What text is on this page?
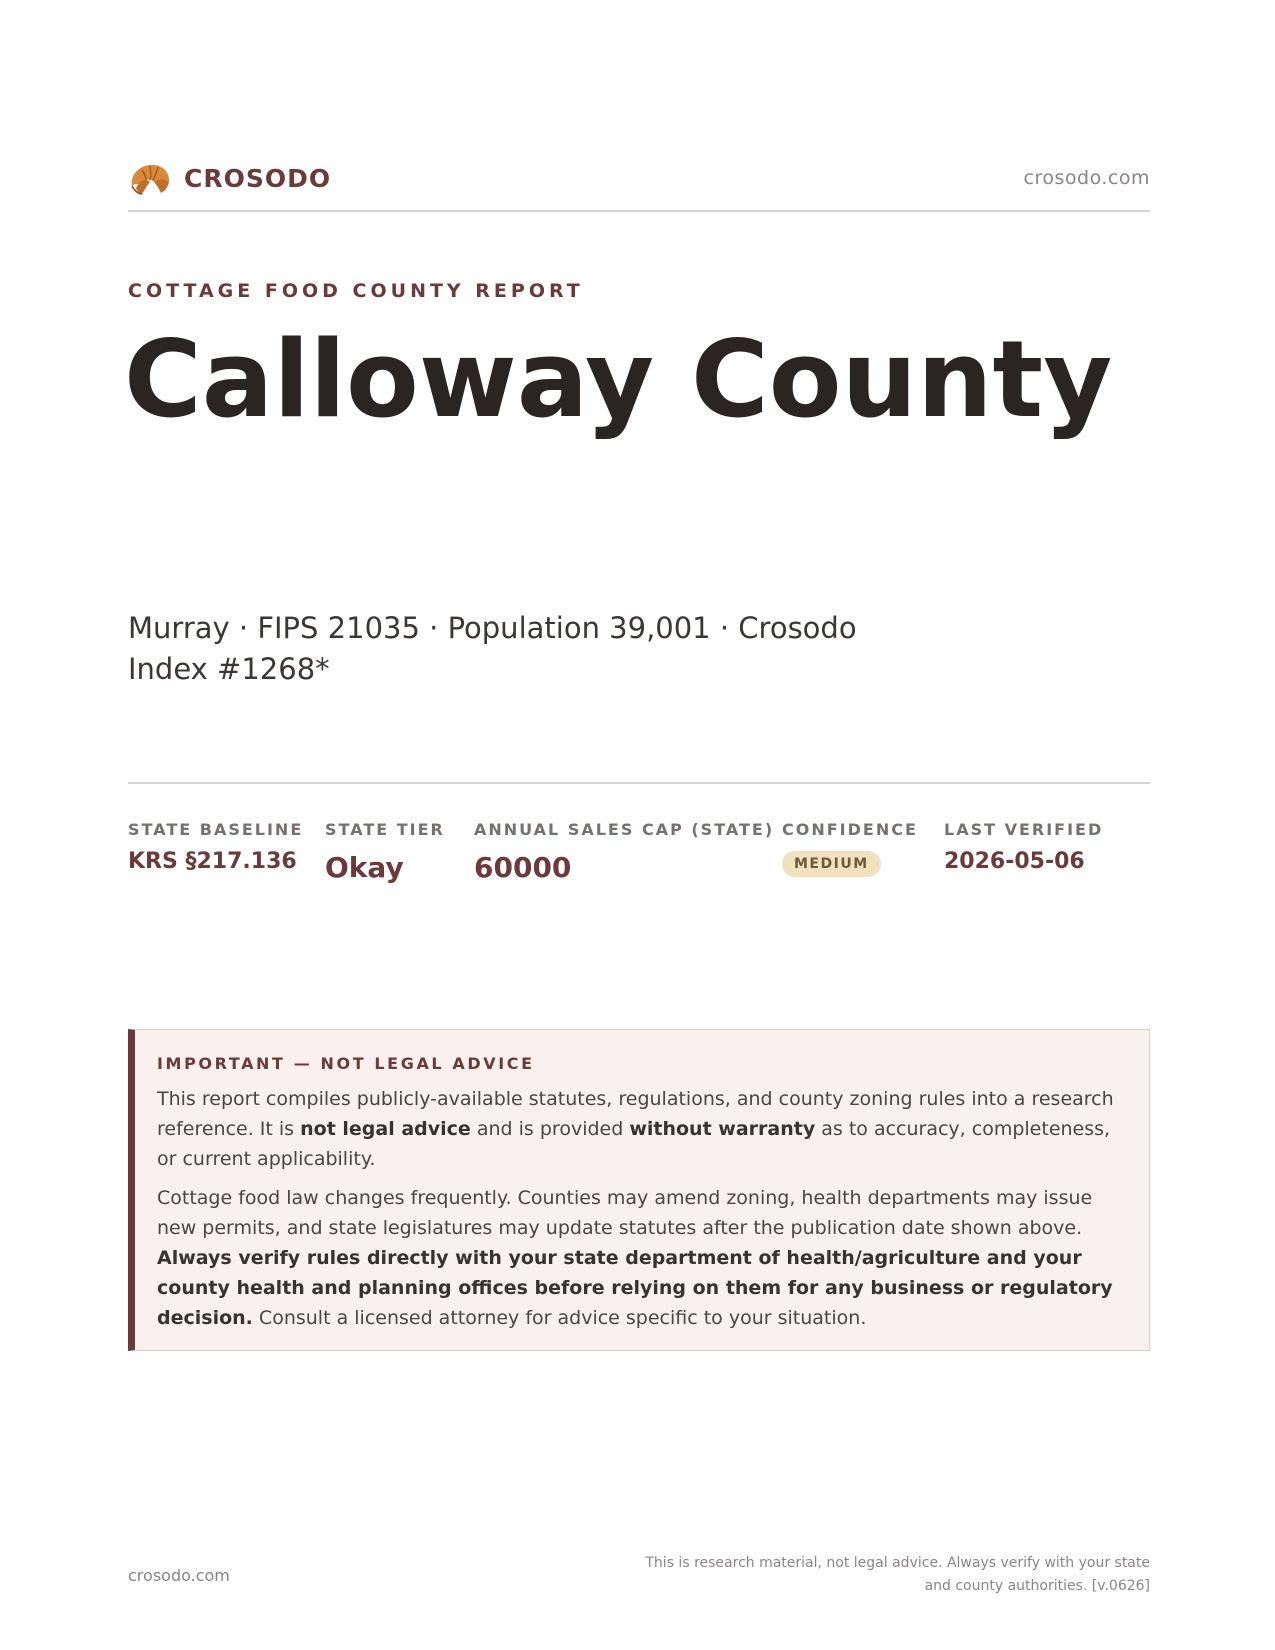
CROSODO	crosodo.com
COTTAGE FOOD COUNTY REPORT
Calloway County

Murray · FIPS 21035 · Population 39,001 · Crosodo Index #1268*

STATE BASELINE
KRS §217.136
STATE TIER
Okay
ANNUAL SALES CAP (STATE)
60000
CONFIDENCE
MEDIUM
LAST VERIFIED
2026-05-06
IMPORTANT — NOT LEGAL ADVICE

This report compiles publicly-available statutes, regulations, and county zoning rules into a research reference. It is not legal advice and is provided without warranty as to accuracy, completeness, or current applicability.

Cottage food law changes frequently. Counties may amend zoning, health departments may issue new permits, and state legislatures may update statutes after the publication date shown above. Always verify rules directly with your state department of health/agriculture and your county health and planning offices before relying on them for any business or regulatory decision. Consult a licensed attorney for advice specific to your situation.

crosodo.com
This is research material, not legal advice. Always verify with your state
and county authorities. [v.0626]
